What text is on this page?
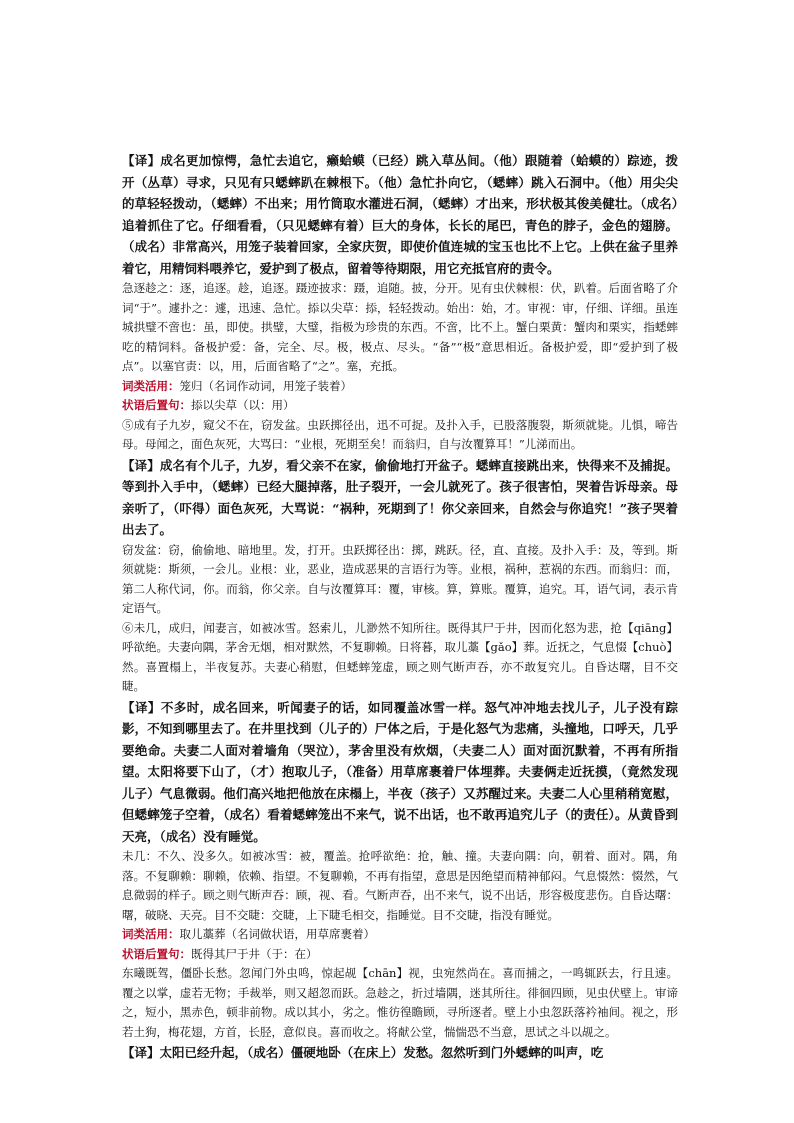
【译】成名更加惊愕，急忙去追它，癞蛤蟆（已经）跳入草丛间。（他）跟随着（蛤蟆的）踪迹，拨开（丛草）寻求，只见有只蟋蟀趴在棘根下。（他）急忙扑向它，（蟋蟀）跳入石洞中。（他）用尖尖的草轻轻拨动，（蟋蟀）不出来；用竹筒取水灌进石洞，（蟋蟀）才出来，形状极其俊美健壮。（成名）追着抓住了它。仔细看看，（只见蟋蟀有着）巨大的身体，长长的尾巴，青色的脖子，金色的翅膀。（成名）非常高兴，用笼子装着回家，全家庆贺，即使价值连城的宝玉也比不上它。上供在盆子里养着它，用精饲料喂养它，爱护到了极点，留着等待期限，用它充抵官府的责令。

急逐趁之：逐，追逐。趁，追逐。蹑迹披求：蹑，追随。披，分开。见有虫伏棘根：伏，趴着。后面省略了介词“于”。遽扑之：遽，迅速、急忙。掭以尖草：掭，轻轻拨动。始出：始，才。审视：审，仔细、详细。虽连城拱璧不啻也：虽，即使。拱璧，大璧，指极为珍贵的东西。不啻，比不上。蟹白栗黄：蟹肉和栗实，指蟋蟀吃的精饲料。备极护爱：备，完全、尽。极，极点、尽头。“备”“极”意思相近。备极护爱，即“爱护到了极点”。以塞官责：以，用，后面省略了“之”。塞，充抵。

词类活用：笼归（名词作动词，用笼子装着）

状语后置句：掭以尖草（以：用）

⑤成有子九岁，窥父不在，窃发盆。虫跃掷径出，迅不可捉。及扑入手，已股落腹裂，斯须就毙。儿惧，啼告母。母闻之，面色灰死，大骂曰：“业根，死期至矣！而翁归，自与汝覆算耳！”儿涕而出。

【译】成名有个儿子，九岁，看父亲不在家，偷偷地打开盆子。蟋蟀直接跳出来，快得来不及捕捉。等到扑入手中，（蟋蟀）已经大腿掉落，肚子裂开，一会儿就死了。孩子很害怕，哭着告诉母亲。母亲听了，（吓得）面色灰死，大骂说：“祸种，死期到了！你父亲回来，自然会与你追究！”孩子哭着出去了。

窃发盆：窃，偷偷地、暗地里。发，打开。虫跃掷径出：掷，跳跃。径，直、直接。及扑入手：及，等到。斯须就毙：斯须，一会儿。业根：业，恶业，造成恶果的言语行为等。业根，祸种，惹祸的东西。而翁归：而，第二人称代词，你。而翁，你父亲。自与汝覆算耳：覆，审核。算，算账。覆算，追究。耳，语气词，表示肯定语气。

⑥未几，成归，闻妻言，如被冰雪。怒索儿，儿渺然不知所往。既得其尸于井，因而化怒为悲，抢【qiāng】呼欲绝。夫妻向隅，茅舍无烟，相对默然，不复聊赖。日将暮，取儿藁【gǎo】葬。近抚之，气息惙【chuò】然。喜置榻上，半夜复苏。夫妻心稍慰，但蟋蟀笼虚，顾之则气断声吞，亦不敢复究儿。自昏达曙，目不交睫。

【译】不多时，成名回来，听闻妻子的话，如同覆盖冰雪一样。怒气冲冲地去找儿子，儿子没有踪影，不知到哪里去了。在井里找到（儿子的）尸体之后，于是化怒气为悲痛，头撞地，口呼天，几乎要绝命。夫妻二人面对着墙角（哭泣），茅舍里没有炊烟，（夫妻二人）面对面沉默着，不再有所指望。太阳将要下山了，（才）抱取儿子，（准备）用草席裹着尸体埋葬。夫妻俩走近抚摸，（竟然发现儿子）气息微弱。他们高兴地把他放在床榻上，半夜（孩子）又苏醒过来。夫妻二人心里稍稍宽慰，但蟋蟀笼子空着，（成名）看着蟋蟀笼出不来气，说不出话，也不敢再追究儿子（的责任）。从黄昏到天亮，（成名）没有睡觉。

未几：不久、没多久。如被冰雪：被，覆盖。抢呼欲绝：抢，触、撞。夫妻向隅：向，朝着、面对。隅，角落。不复聊赖：聊赖，依赖、指望。不复聊赖，不再有指望，意思是因绝望而精神郁闷。气息惙然：惙然，气息微弱的样子。顾之则气断声吞：顾，视、看。气断声吞，出不来气，说不出话，形容极度悲伤。自昏达曙：曙，破晓、天亮。目不交睫：交睫，上下睫毛相交，指睡觉。目不交睫，指没有睡觉。

词类活用：取儿藁葬（名词做状语，用草席裹着）

状语后置句：既得其尸于井（于：在）

东曦既驾，僵卧长愁。忽闻门外虫鸣，惊起觇【chān】视，虫宛然尚在。喜而捕之，一鸣辄跃去，行且速。覆之以掌，虚若无物；手裁举，则又超忽而跃。急趁之，折过墙隅，迷其所往。徘徊四顾，见虫伏壁上。审谛之，短小，黑赤色，顿非前物。成以其小，劣之。惟彷徨瞻顾，寻所逐者。壁上小虫忽跃落衿袖间。视之，形若土狗，梅花翅，方首，长胫，意似良。喜而收之。将献公堂，惴惴恐不当意，思试之斗以觇之。

【译】太阳已经升起，（成名）僵硬地卧（在床上）发愁。忽然听到门外蟋蟀的叫声，吃
